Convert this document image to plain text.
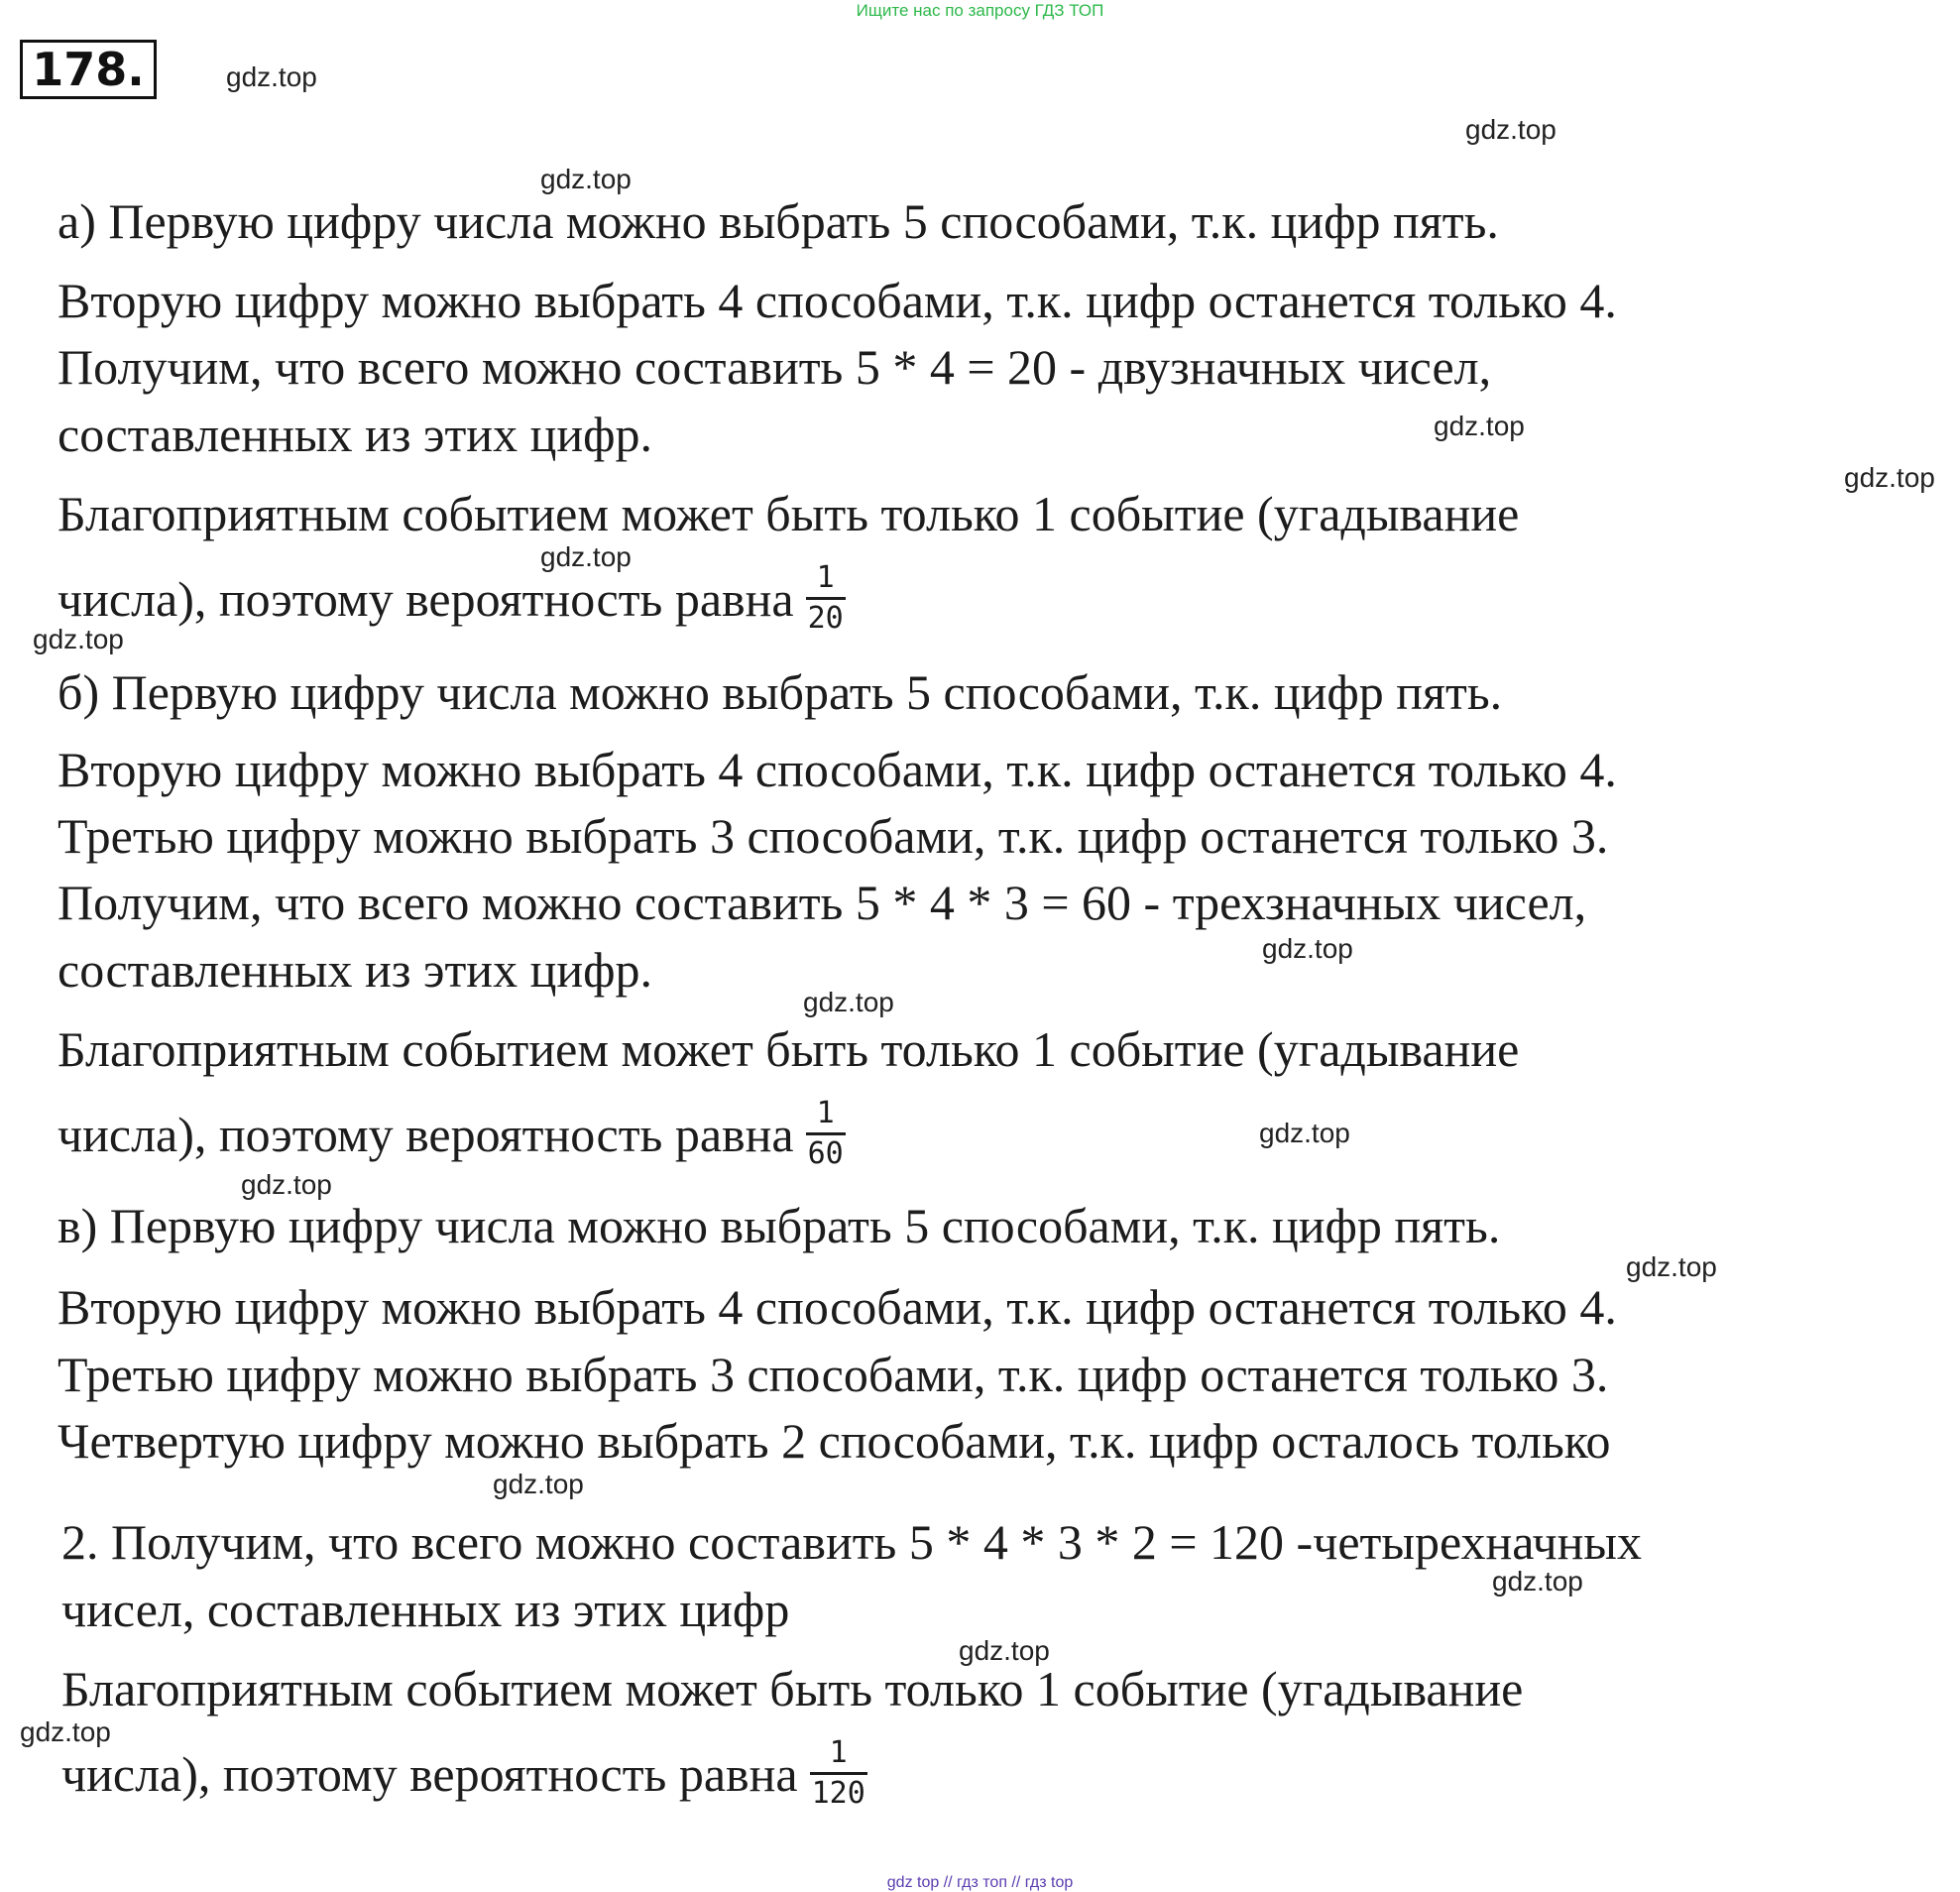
Ищите нас по запросу ГДЗ ТОП
178.	gdz.top
gdz.top
gdz.top
gdz.top
gdz.top
gdz.top
gdz.top
gdz.top
gdz.top
gdz.top
gdz.top
gdz.top
gdz.top
gdz.top
gdz.top
gdz.top
а) Первую цифру числа можно выбрать 5 способами, т.к. цифр пять.
Вторую цифру можно выбрать 4 способами, т.к. цифр останется только 4.
Получим, что всего можно составить 5 * 4 = 20 - двузначных чисел,
составленных из этих цифр.
Благоприятным событием может быть только 1 событие (угадывание
числа), поэтому вероятность равна $\frac{1}{20}$
б) Первую цифру числа можно выбрать 5 способами, т.к. цифр пять.
Вторую цифру можно выбрать 4 способами, т.к. цифр останется только 4.
Третью цифру можно выбрать 3 способами, т.к. цифр останется только 3.
Получим, что всего можно составить 5 * 4 * 3 = 60 - трехзначных чисел,
составленных из этих цифр.
Благоприятным событием может быть только 1 событие (угадывание
числа), поэтому вероятность равна $\frac{1}{60}$
в) Первую цифру числа можно выбрать 5 способами, т.к. цифр пять.
Вторую цифру можно выбрать 4 способами, т.к. цифр останется только 4.
Третью цифру можно выбрать 3 способами, т.к. цифр останется только 3.
Четвертую цифру можно выбрать 2 способами, т.к. цифр осталось только
2. Получим, что всего можно составить 5 * 4 * 3 * 2 = 120 -четырехначных
чисел, составленных из этих цифр
Благоприятным событием может быть только 1 событие (угадывание
числа), поэтому вероятность равна $\frac{1}{120}$
gdz top // гдз топ // гдз top
